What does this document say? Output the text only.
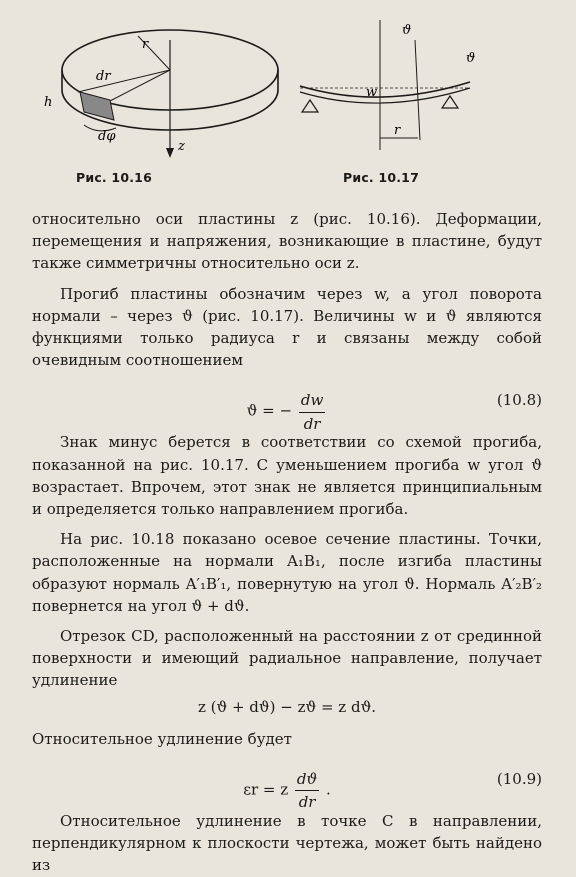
h
dr
r
dφ
z
ϑ
w
ϑ
r
Рис. 10.16	Рис. 10.17

относительно оси пластины z (рис. 10.16). Деформации, перемещения и напряжения, возникающие в пластине, будут также симметричны относительно оси z.

Прогиб пластины обозначим через w, а угол поворота нормали – через ϑ (рис. 10.17). Величины w и ϑ являются функциями только радиуса r и связаны между собой очевидным соотношением

ϑ = − $\frac{dw}{dr}$	(10.8)

Знак минус берется в соответствии со схемой прогиба, показанной на рис. 10.17. С уменьшением прогиба w угол ϑ возрастает. Впрочем, этот знак не является принципиальным и определяется только направлением прогиба.

На рис. 10.18 показано осевое сечение пластины. Точки, расположенные на нормали A₁B₁, после изгиба пластины образуют нормаль A′₁B′₁, повернутую на угол ϑ. Нормаль A′₂B′₂ повернется на угол ϑ + dϑ.

Отрезок CD, расположенный на расстоянии z от срединной поверхности и имеющий радиальное направление, получает удлинение

z (ϑ + dϑ) − zϑ = z dϑ.

Относительное удлинение будет

εr = z $\frac{dϑ}{dr}$ .
(10.9)

Относительное удлинение в точке C в направлении, перпендикулярном к плоскости чертежа, может быть найдено из
